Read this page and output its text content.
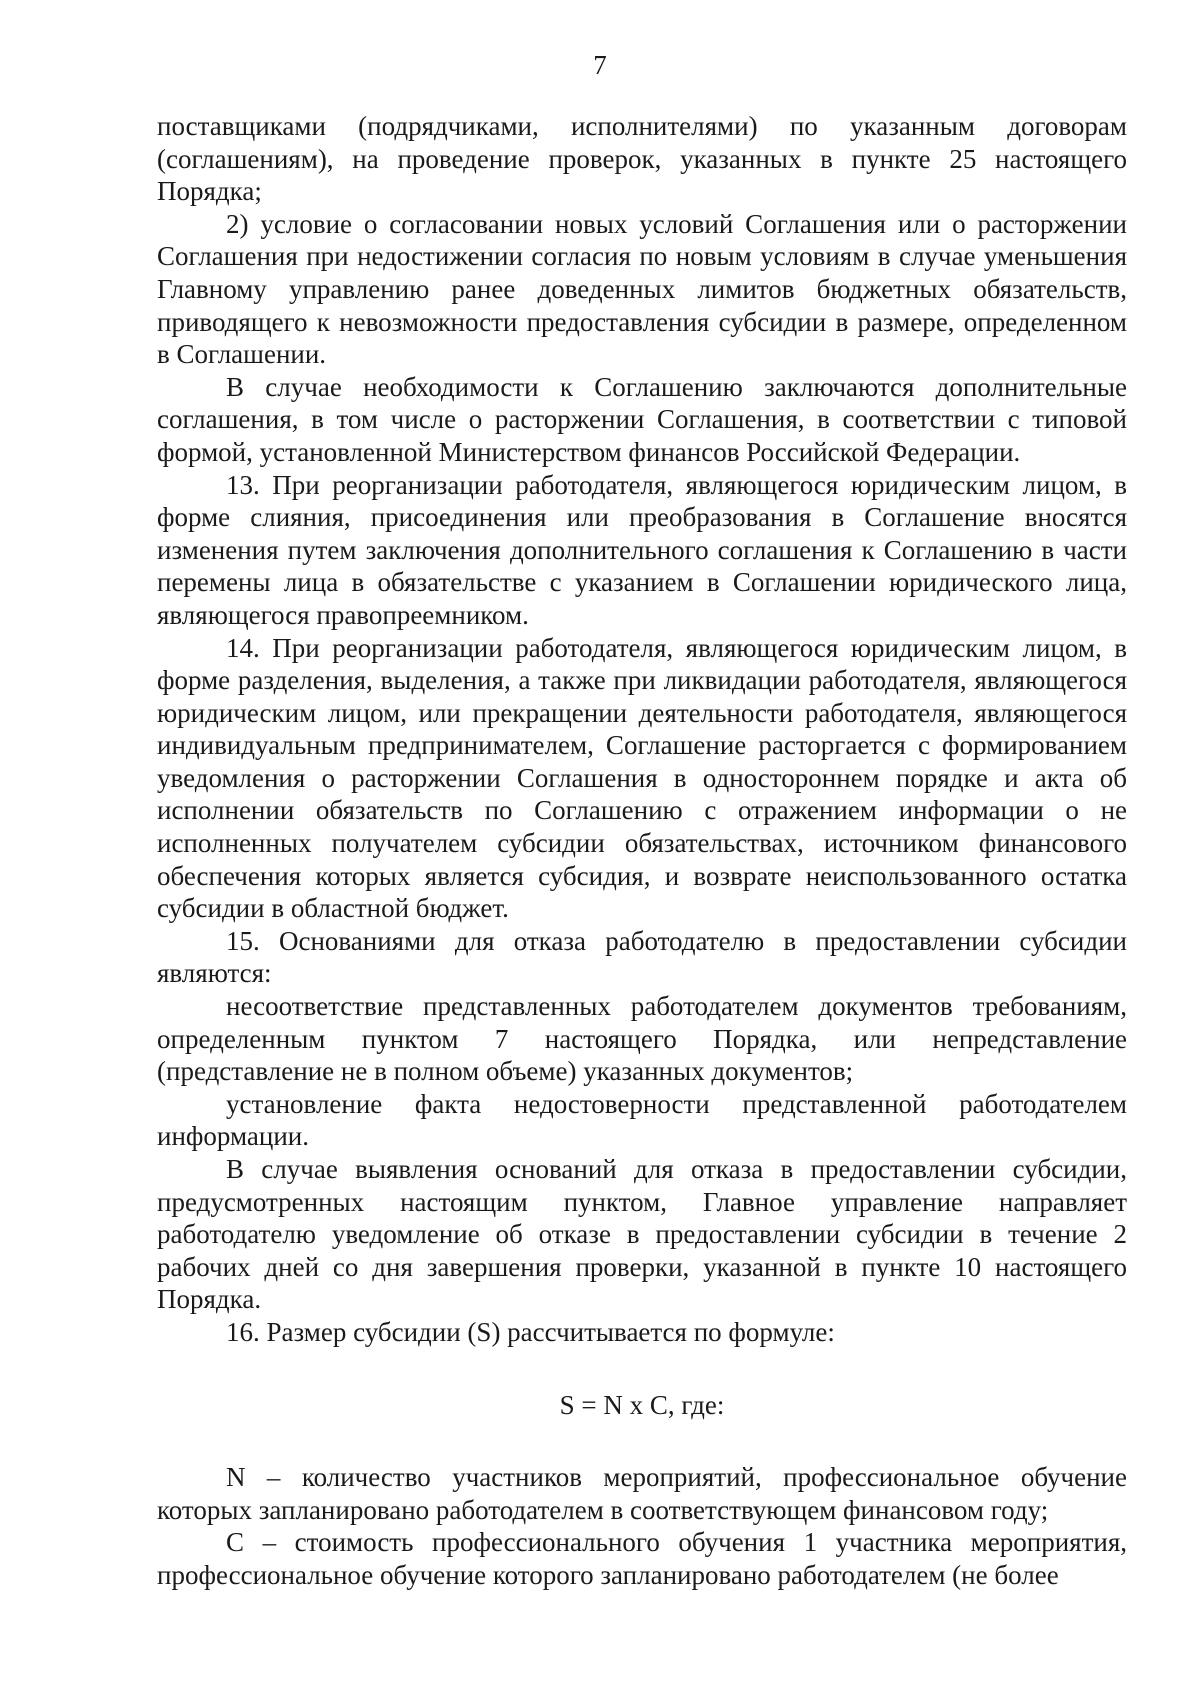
7

поставщиками (подрядчиками, исполнителями) по указанным договорам (соглашениям), на проведение проверок, указанных в пункте 25 настоящего Порядка;

2) условие о согласовании новых условий Соглашения или о расторжении Соглашения при недостижении согласия по новым условиям в случае уменьшения Главному управлению ранее доведенных лимитов бюджетных обязательств, приводящего к невозможности предоставления субсидии в размере, определенном в Соглашении.

В случае необходимости к Соглашению заключаются дополнительные соглашения, в том числе о расторжении Соглашения, в соответствии с типовой формой, установленной Министерством финансов Российской Федерации.

13. При реорганизации работодателя, являющегося юридическим лицом, в форме слияния, присоединения или преобразования в Соглашение вносятся изменения путем заключения дополнительного соглашения к Соглашению в части перемены лица в обязательстве с указанием в Соглашении юридического лица, являющегося правопреемником.

14. При реорганизации работодателя, являющегося юридическим лицом, в форме разделения, выделения, а также при ликвидации работодателя, являющегося юридическим лицом, или прекращении деятельности работодателя, являющегося индивидуальным предпринимателем, Соглашение расторгается с формированием уведомления о расторжении Соглашения в одностороннем порядке и акта об исполнении обязательств по Соглашению с отражением информации о не исполненных получателем субсидии обязательствах, источником финансового обеспечения которых является субсидия, и возврате неиспользованного остатка субсидии в областной бюджет.

15. Основаниями для отказа работодателю в предоставлении субсидии являются:

несоответствие представленных работодателем документов требованиям, определенным пунктом 7 настоящего Порядка, или непредставление (представление не в полном объеме) указанных документов;

установление факта недостоверности представленной работодателем информации.

В случае выявления оснований для отказа в предоставлении субсидии, предусмотренных настоящим пунктом, Главное управление направляет работодателю уведомление об отказе в предоставлении субсидии в течение 2 рабочих дней со дня завершения проверки, указанной в пункте 10 настоящего Порядка.

16. Размер субсидии (S) рассчитывается по формуле:

S = N x C, где:

N – количество участников мероприятий, профессиональное обучение которых запланировано работодателем в соответствующем финансовом году;

C – стоимость профессионального обучения 1 участника мероприятия, профессиональное обучение которого запланировано работодателем (не более
